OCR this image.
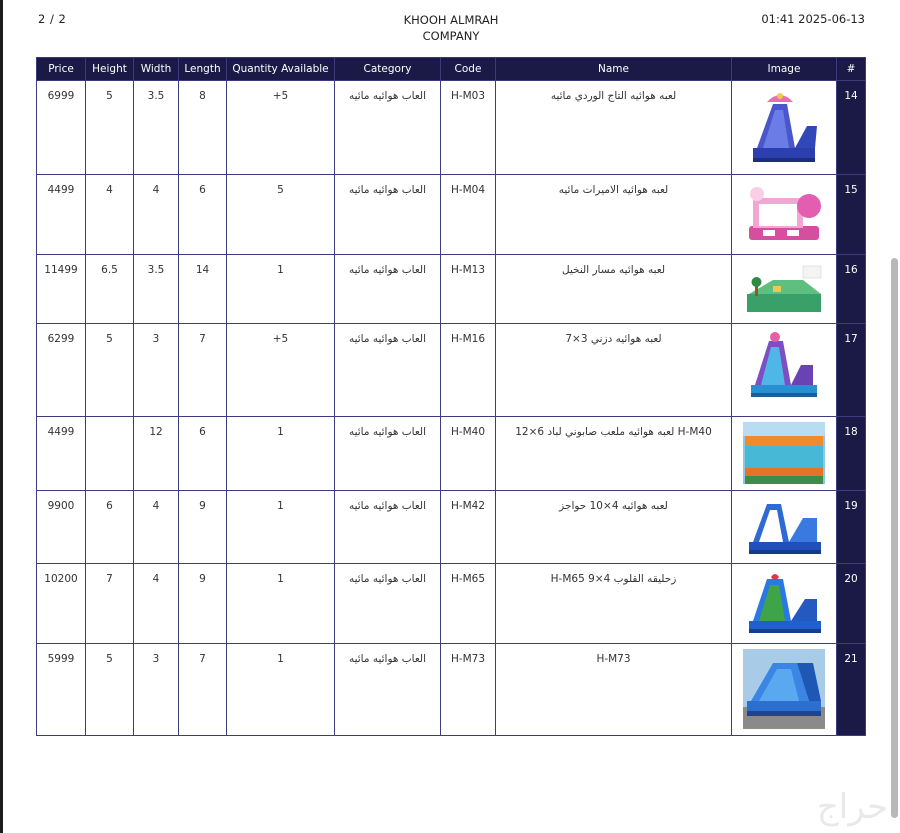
2 / 2	KHOOH ALMRAH
COMPANY
01:41 2025-06-13
Price	Height	Width	Length	Quantity Available	Category	Code	Name	Image	#
6999	5	3.5	8	+5	العاب هوائيه مائيه	H-M03	لعبه هوائيه التاج الوردي مائيه		14
4499	4	4	6	5	العاب هوائيه مائيه	H-M04	لعبه هوائيه الاميرات مائيه		15
11499	6.5	3.5	14	1	العاب هوائيه مائيه	H-M13	لعبه هوائيه مسار النخيل		16
6299	5	3	7	+5	العاب هوائيه مائيه	H-M16	لعبه هوائيه دزني 3×7		17
4499		12	6	1	العاب هوائيه مائيه	H-M40	H-M40 لعبه هوائيه ملعب صابوني لباد 6×12		18
9900	6	4	9	1	العاب هوائيه مائيه	H-M42	لعبه هوائيه 4×10 حواجز		19
10200	7	4	9	1	العاب هوائيه مائيه	H-M65	زحليقه القلوب 4×9 H-M65		20
5999	5	3	7	1	العاب هوائيه مائيه	H-M73	H-M73		21
حراج
